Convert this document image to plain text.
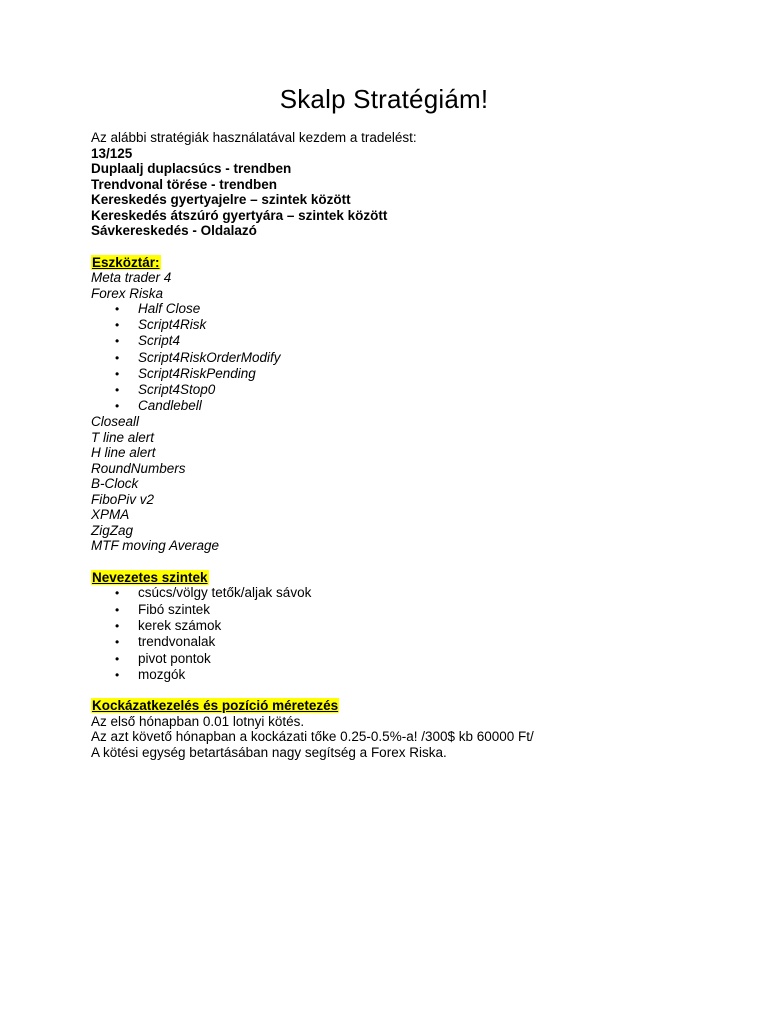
Skalp Stratégiám!
Az alábbi stratégiák használatával kezdem a tradelést:
13/125
Duplaalj duplacsúcs - trendben
Trendvonal törése - trendben
Kereskedés gyertyajelre – szintek között
Kereskedés átszúró gyertyára – szintek között
Sávkereskedés - Oldalazó
Eszköztár:
Meta trader 4
Forex Riska
• Half Close
• Script4Risk
• Script4
• Script4RiskOrderModify
• Script4RiskPending
• Script4Stop0
• Candlebell
Closeall
T line alert
H line alert
RoundNumbers
B-Clock
FiboPiv v2
XPMA
ZigZag
MTF moving Average
Nevezetes szintek
• csúcs/völgy tetők/aljak sávok
• Fibó szintek
• kerek számok
• trendvonalak
• pivot pontok
• mozgók
Kockázatkezelés és pozíció méretezés
Az első hónapban 0.01 lotnyi kötés.
Az azt követő hónapban a kockázati tőke 0.25-0.5%-a! /300$ kb 60000 Ft/
A kötési egység betartásában nagy segítség a Forex Riska.
